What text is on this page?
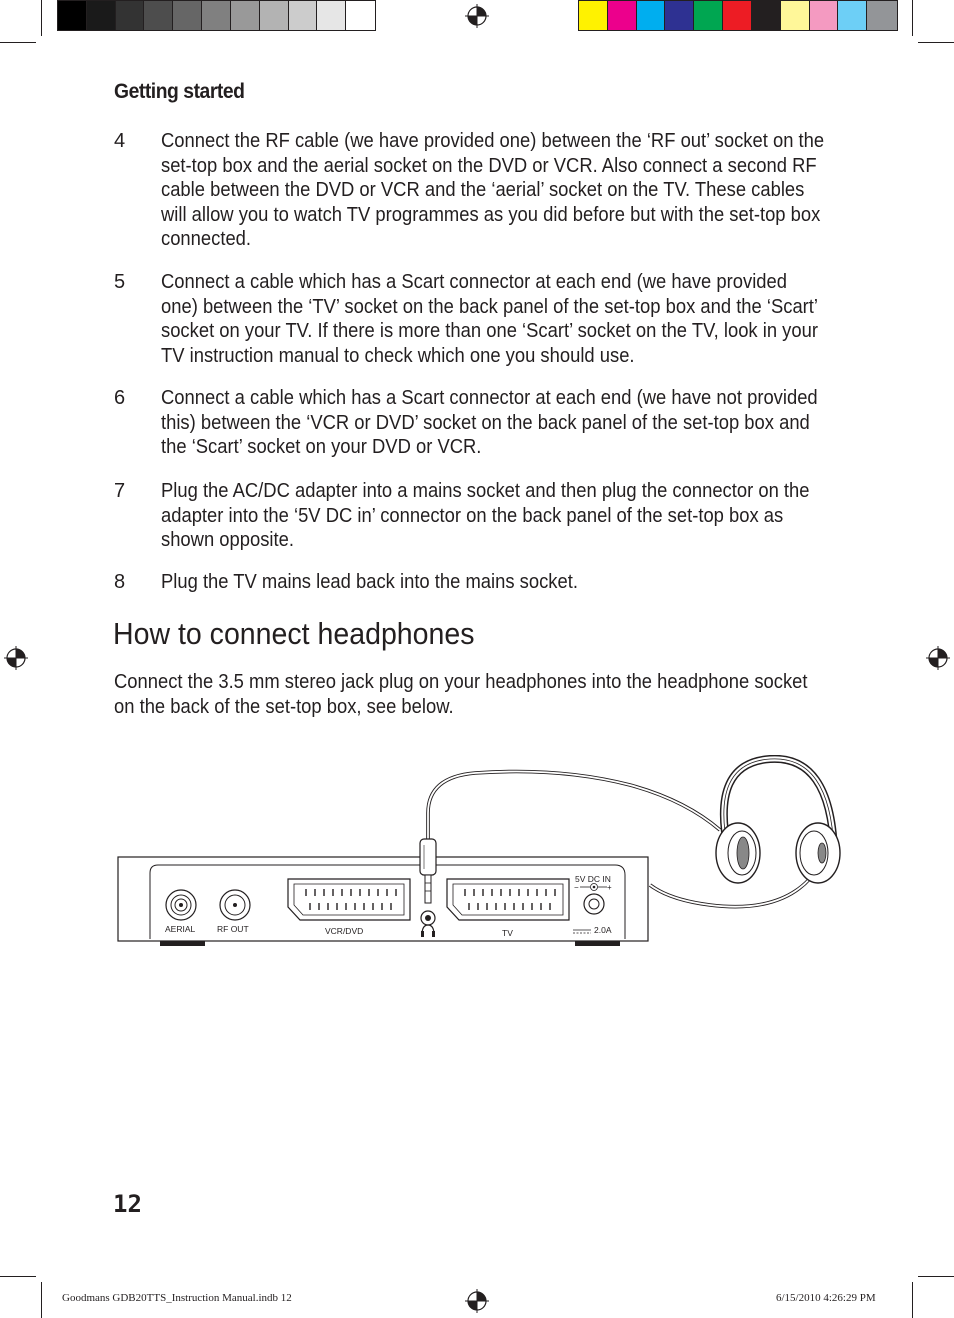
Getting started
4	Connect the RF cable (we have provided one) between the ‘RF out’ socket on the set-top box and the aerial socket on the DVD or VCR. Also connect a second RF cable between the DVD or VCR and the ‘aerial’ socket on the TV. These cables will allow you to watch TV programmes as you did before but with the set-top box connected.
5	Connect a cable which has a Scart connector at each end (we have provided one) between the ‘TV’ socket on the back panel of the set-top box and the ‘Scart’ socket on your TV. If there is more than one ‘Scart’ socket on the TV, look in your TV instruction manual to check which one you should use.
6	Connect a cable which has a Scart connector at each end (we have not provided this) between the ‘VCR or DVD’ socket on the back panel of the set-top box and the ‘Scart’ socket on your DVD or VCR.
7	Plug the AC/DC adapter into a mains socket and then plug the connector on the adapter into the ‘5V DC in’ connector on the back panel of the set-top box as shown opposite.
8	Plug the TV mains lead back into the mains socket.
How to connect headphones
Connect the 3.5 mm stereo jack plug on your headphones into the headphone socket on the back of the set-top box, see below.
AERIAL	RF OUT	VCR/DVD	TV
5V DC IN
−	+
2.0A
12
Goodmans GDB20TTS_Instruction Manual.indb 12	6/15/2010 4:26:29 PM
